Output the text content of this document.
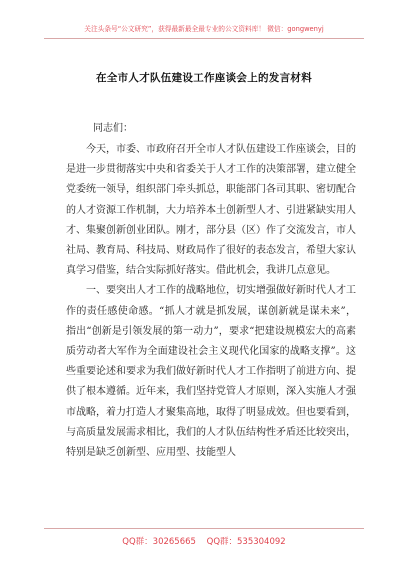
关注头条号“公文研究”，获得最新最全最专业的公文资料库！ 微信：gongwenyj
在全市人才队伍建设工作座谈会上的发言材料
同志们：

今天，市委、市政府召开全市人才队伍建设工作座谈会，目的是进一步贯彻落实中央和省委关于人才工作的决策部署，建立健全党委统一领导，组织部门牵头抓总，职能部门各司其职、密切配合的人才资源工作机制，大力培养本土创新型人才、引进紧缺实用人才、集聚创新创业团队。刚才，部分县（区）作了交流发言，市人社局、教育局、科技局、财政局作了很好的表态发言，希望大家认真学习借鉴，结合实际抓好落实。借此机会，我讲几点意见。

一、要突出人才工作的战略地位，切实增强做好新时代人才工作的责任感使命感。“抓人才就是抓发展，谋创新就是谋未来”，指出“创新是引领发展的第一动力”，要求“把建设规模宏大的高素质劳动者大军作为全面建设社会主义现代化国家的战略支撑”。这些重要论述和要求为我们做好新时代人才工作指明了前进方向、提供了根本遵循。近年来，我们坚持党管人才原则，深入实施人才强市战略，着力打造人才聚集高地，取得了明显成效。但也要看到，与高质量发展需求相比，我们的人才队伍结构性矛盾还比较突出，特别是缺乏创新型、应用型、技能型人

QQ群：30265665 QQ群：535304092
